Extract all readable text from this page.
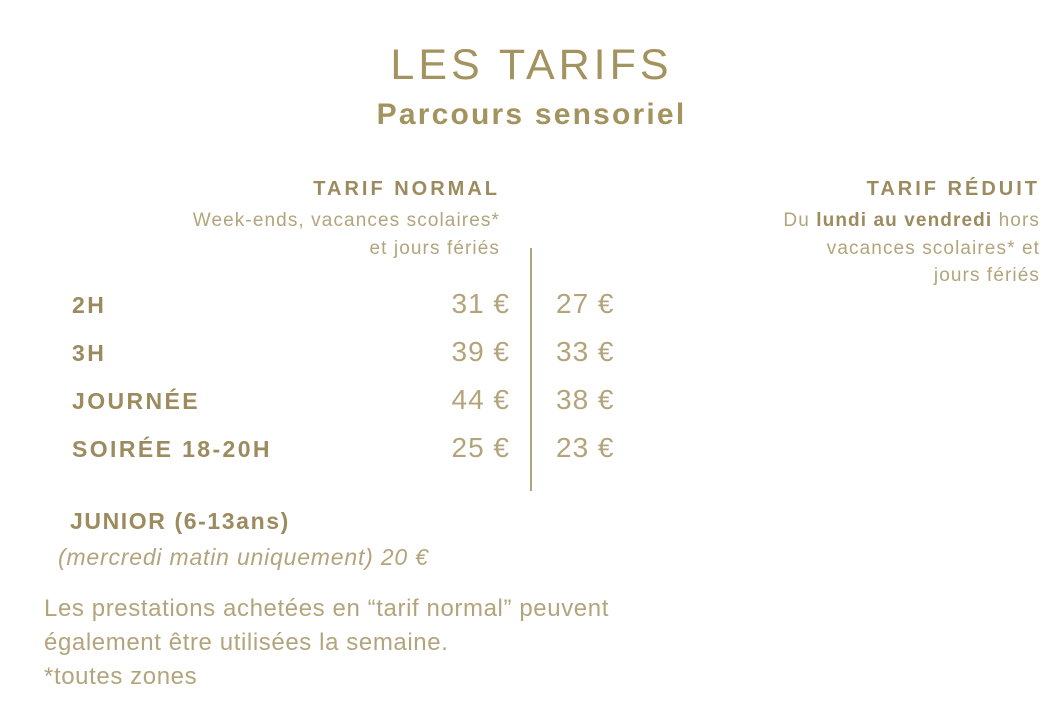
LES TARIFS
Parcours sensoriel
TARIF NORMAL
Week-ends, vacances scolaires*
et jours fériés
TARIF RÉDUIT
Du lundi au vendredi hors
vacances scolaires* et
jours fériés
2H	31 € 27 €
3H	39 € 33 €
JOURNÉE	44 € 38 €
SOIRÉE 18-20H	25 € 23 €
JUNIOR (6-13ans)
(mercredi matin uniquement) 20 €
Les prestations achetées en “tarif normal” peuvent
également être utilisées la semaine.
*toutes zones
